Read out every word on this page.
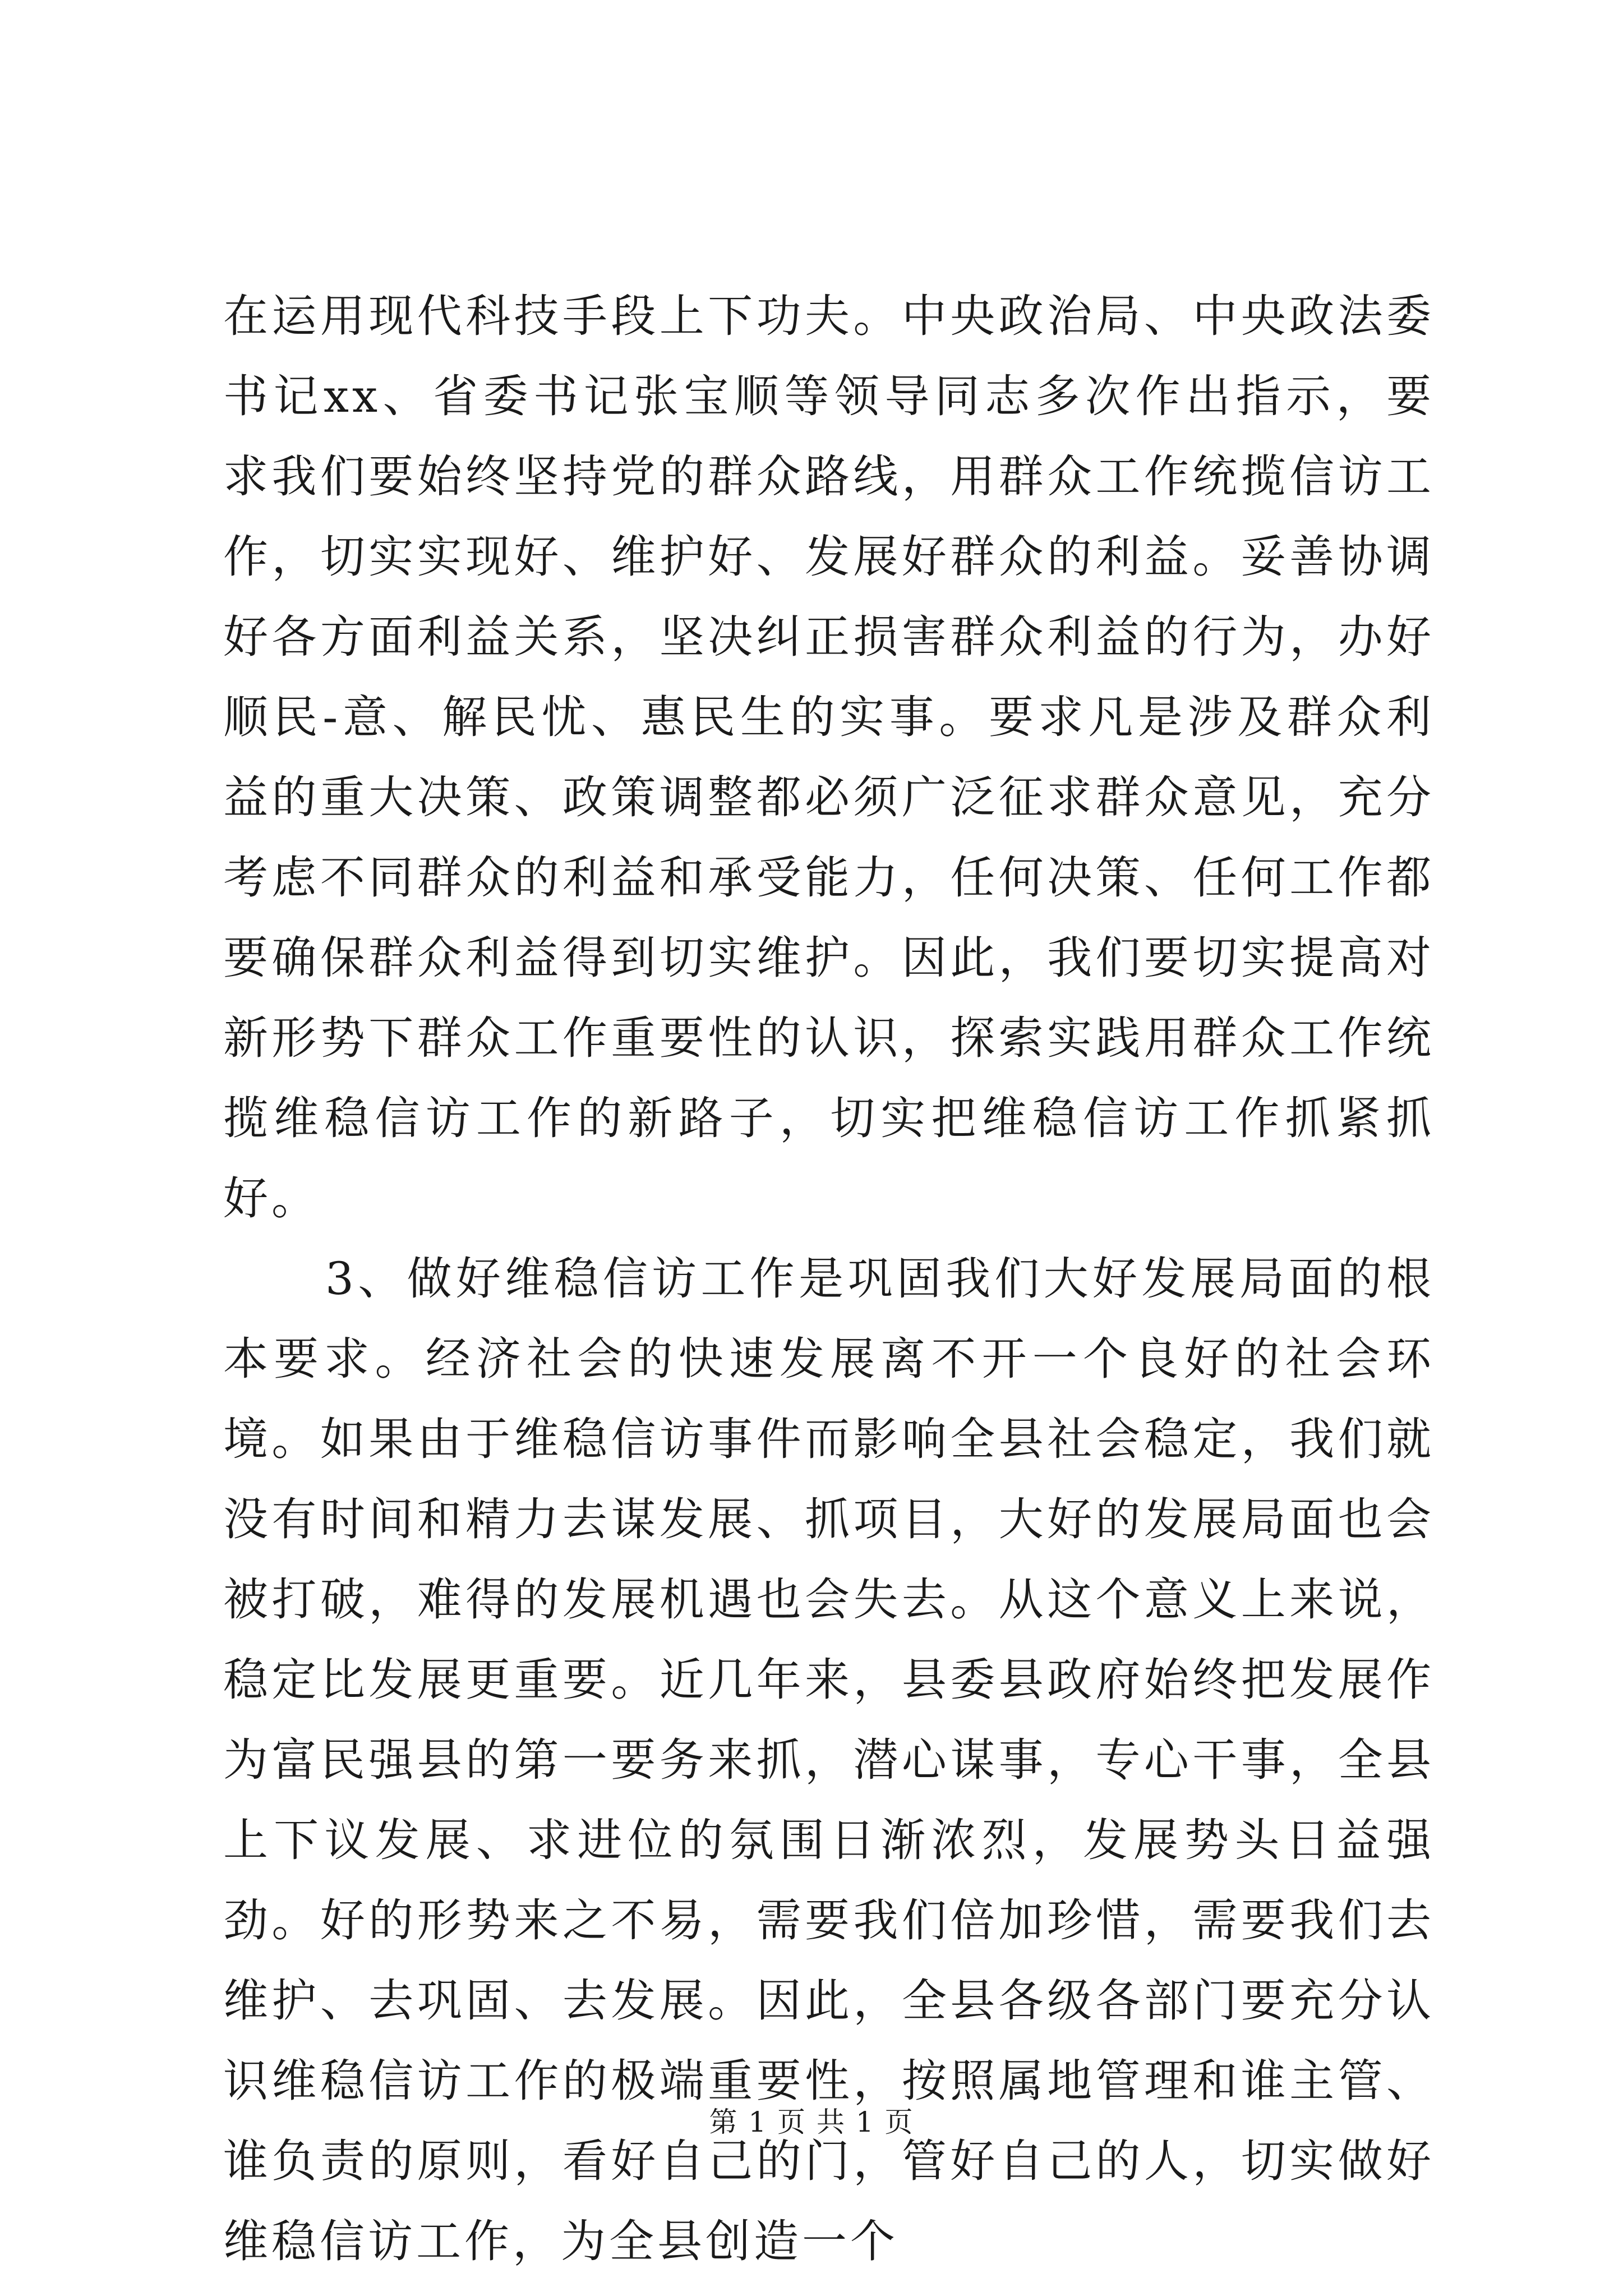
在运用现代科技手段上下功夫。中央政治局、中央政法委书记xx、省委书记张宝顺等领导同志多次作出指示，要求我们要始终坚持党的群众路线，用群众工作统揽信访工作，切实实现好、维护好、发展好群众的利益。妥善协调好各方面利益关系，坚决纠正损害群众利益的行为，办好顺民-意、解民忧、惠民生的实事。要求凡是涉及群众利益的重大决策、政策调整都必须广泛征求群众意见，充分考虑不同群众的利益和承受能力，任何决策、任何工作都要确保群众利益得到切实维护。因此，我们要切实提高对新形势下群众工作重要性的认识，探索实践用群众工作统揽维稳信访工作的新路子，切实把维稳信访工作抓紧抓好。

3、做好维稳信访工作是巩固我们大好发展局面的根本要求。经济社会的快速发展离不开一个良好的社会环境。如果由于维稳信访事件而影响全县社会稳定，我们就没有时间和精力去谋发展、抓项目，大好的发展局面也会被打破，难得的发展机遇也会失去。从这个意义上来说，稳定比发展更重要。近几年来，县委县政府始终把发展作为富民强县的第一要务来抓，潜心谋事，专心干事，全县上下议发展、求进位的氛围日渐浓烈，发展势头日益强劲。好的形势来之不易，需要我们倍加珍惜，需要我们去维护、去巩固、去发展。因此，全县各级各部门要充分认识维稳信访工作的极端重要性，按照属地管理和谁主管、谁负责的原则，看好自己的门，管好自己的人，切实做好维稳信访工作，为全县创造一个

第 1 页 共 1 页
